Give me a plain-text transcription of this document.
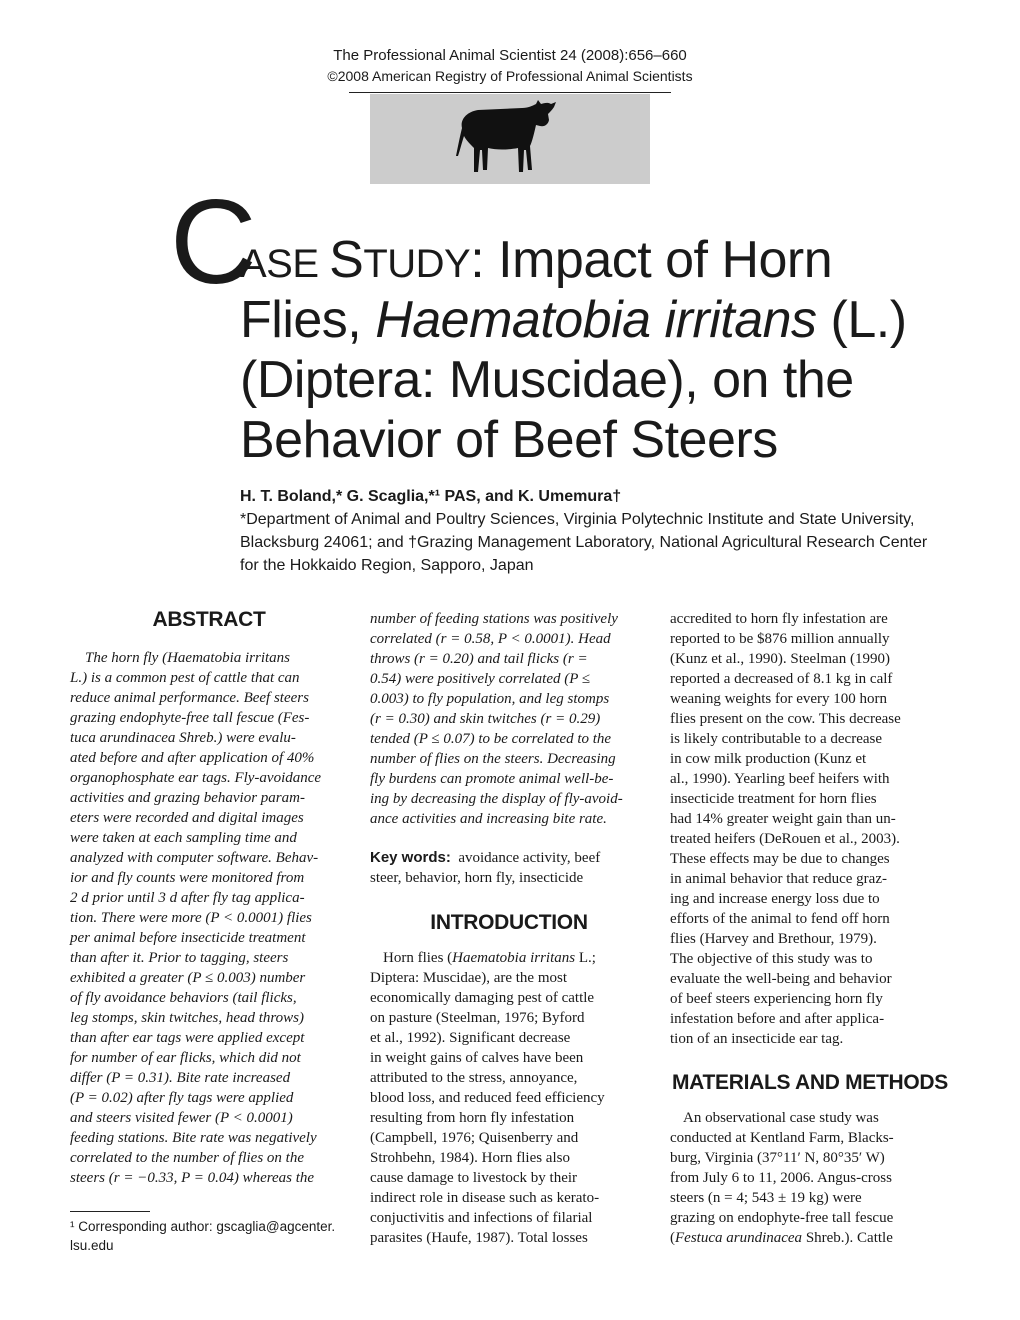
The Professional Animal Scientist 24 (2008):656–660
©2008 American Registry of Professional Animal Scientists
C
ASE STUDY: Impact of Horn
Flies, Haematobia irritans (L.)
(Diptera: Muscidae), on the
Behavior of Beef Steers
H. T. Boland,* G. Scaglia,*¹ PAS, and K. Umemura†
*Department of Animal and Poultry Sciences, Virginia Polytechnic Institute and State University,
Blacksburg 24061; and †Grazing Management Laboratory, National Agricultural Research Center
for the Hokkaido Region, Sapporo, Japan
ABSTRACT
The horn fly (Haematobia irritans
L.) is a common pest of cattle that can
reduce animal performance. Beef steers
grazing endophyte-free tall fescue (Fes-
tuca arundinacea Shreb.) were evalu-
ated before and after application of 40%
organophosphate ear tags. Fly-avoidance
activities and grazing behavior param-
eters were recorded and digital images
were taken at each sampling time and
analyzed with computer software. Behav-
ior and fly counts were monitored from
2 d prior until 3 d after fly tag applica-
tion. There were more (P < 0.0001) flies
per animal before insecticide treatment
than after it. Prior to tagging, steers
exhibited a greater (P ≤ 0.003) number
of fly avoidance behaviors (tail flicks,
leg stomps, skin twitches, head throws)
than after ear tags were applied except
for number of ear flicks, which did not
differ (P = 0.31). Bite rate increased
(P = 0.02) after fly tags were applied
and steers visited fewer (P < 0.0001)
feeding stations. Bite rate was negatively
correlated to the number of flies on the
steers (r = −0.33, P = 0.04) whereas the
¹ Corresponding author: gscaglia@agcenter.
lsu.edu
number of feeding stations was positively
correlated (r = 0.58, P < 0.0001). Head
throws (r = 0.20) and tail flicks (r =
0.54) were positively correlated (P ≤
0.003) to fly population, and leg stomps
(r = 0.30) and skin twitches (r = 0.29)
tended (P ≤ 0.07) to be correlated to the
number of flies on the steers. Decreasing
fly burdens can promote animal well-be-
ing by decreasing the display of fly-avoid-
ance activities and increasing bite rate.
Key words: avoidance activity, beef
steer, behavior, horn fly, insecticide
INTRODUCTION
Horn flies (Haematobia irritans L.;
Diptera: Muscidae), are the most
economically damaging pest of cattle
on pasture (Steelman, 1976; Byford
et al., 1992). Significant decrease
in weight gains of calves have been
attributed to the stress, annoyance,
blood loss, and reduced feed efficiency
resulting from horn fly infestation
(Campbell, 1976; Quisenberry and
Strohbehn, 1984). Horn flies also
cause damage to livestock by their
indirect role in disease such as kerato-
conjuctivitis and infections of filarial
parasites (Haufe, 1987). Total losses
accredited to horn fly infestation are
reported to be $876 million annually
(Kunz et al., 1990). Steelman (1990)
reported a decreased of 8.1 kg in calf
weaning weights for every 100 horn
flies present on the cow. This decrease
is likely contributable to a decrease
in cow milk production (Kunz et
al., 1990). Yearling beef heifers with
insecticide treatment for horn flies
had 14% greater weight gain than un-
treated heifers (DeRouen et al., 2003).
These effects may be due to changes
in animal behavior that reduce graz-
ing and increase energy loss due to
efforts of the animal to fend off horn
flies (Harvey and Brethour, 1979).
The objective of this study was to
evaluate the well-being and behavior
of beef steers experiencing horn fly
infestation before and after applica-
tion of an insecticide ear tag.
MATERIALS AND METHODS
An observational case study was
conducted at Kentland Farm, Blacks-
burg, Virginia (37°11′ N, 80°35′ W)
from July 6 to 11, 2006. Angus-cross
steers (n = 4; 543 ± 19 kg) were
grazing on endophyte-free tall fescue
(Festuca arundinacea Shreb.). Cattle
